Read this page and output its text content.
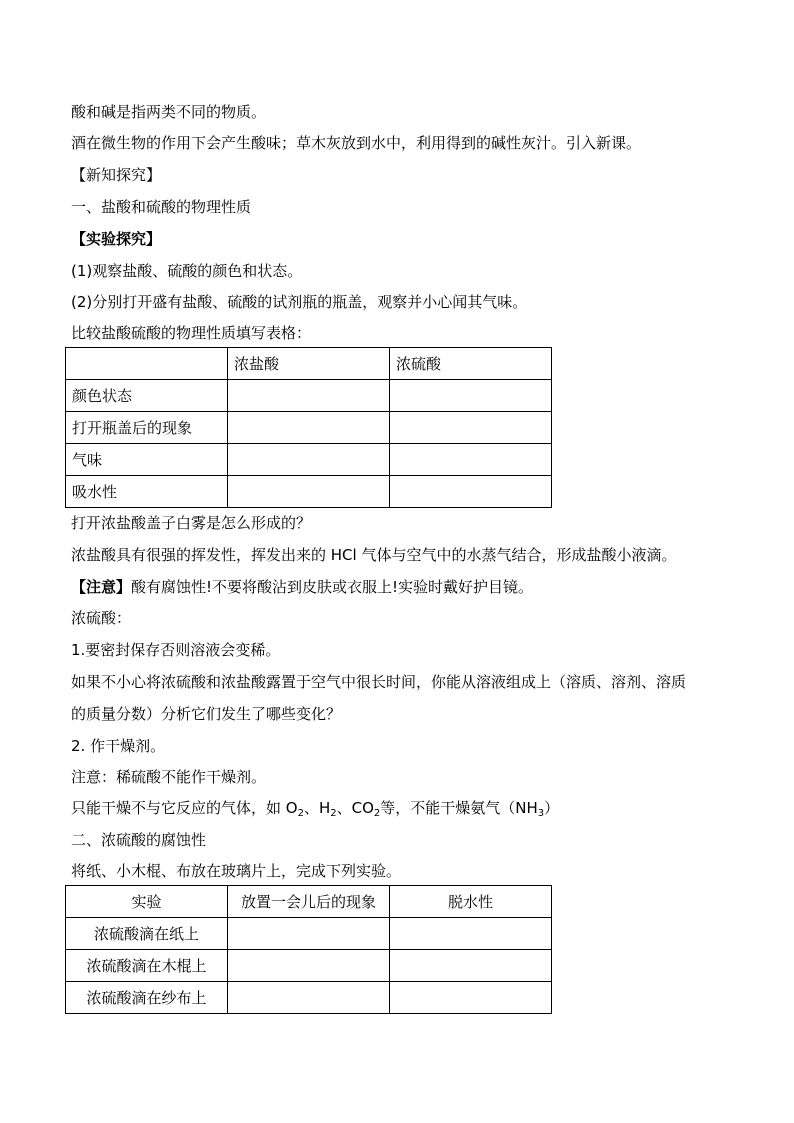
酸和碱是指两类不同的物质。
酒在微生物的作用下会产生酸味；草木灰放到水中，利用得到的碱性灰汁。引入新课。
【新知探究】
一、盐酸和硫酸的物理性质
【实验探究】
(1)观察盐酸、硫酸的颜色和状态。
(2)分别打开盛有盐酸、硫酸的试剂瓶的瓶盖，观察并小心闻其气味。
比较盐酸硫酸的物理性质填写表格：
	浓盐酸	浓硫酸
颜色状态		
打开瓶盖后的现象		
气味		
吸水性		
打开浓盐酸盖子白雾是怎么形成的？
浓盐酸具有很强的挥发性，挥发出来的 HCl 气体与空气中的水蒸气结合，形成盐酸小液滴。
【注意】酸有腐蚀性!不要将酸沾到皮肤或衣服上!实验时戴好护目镜。
浓硫酸：
1.要密封保存否则溶液会变稀。
如果不小心将浓硫酸和浓盐酸露置于空气中很长时间，你能从溶液组成上（溶质、溶剂、溶质
的质量分数）分析它们发生了哪些变化？
2. 作干燥剂。
注意：稀硫酸不能作干燥剂。
只能干燥不与它反应的气体，如 $O_2$、$H_2$、$CO_2$等，不能干燥氨气$(NH_3)$
二、浓硫酸的腐蚀性
将纸、小木棍、布放在玻璃片上，完成下列实验。
实验	放置一会儿后的现象	脱水性
浓硫酸滴在纸上		
浓硫酸滴在木棍上		
浓硫酸滴在纱布上		
